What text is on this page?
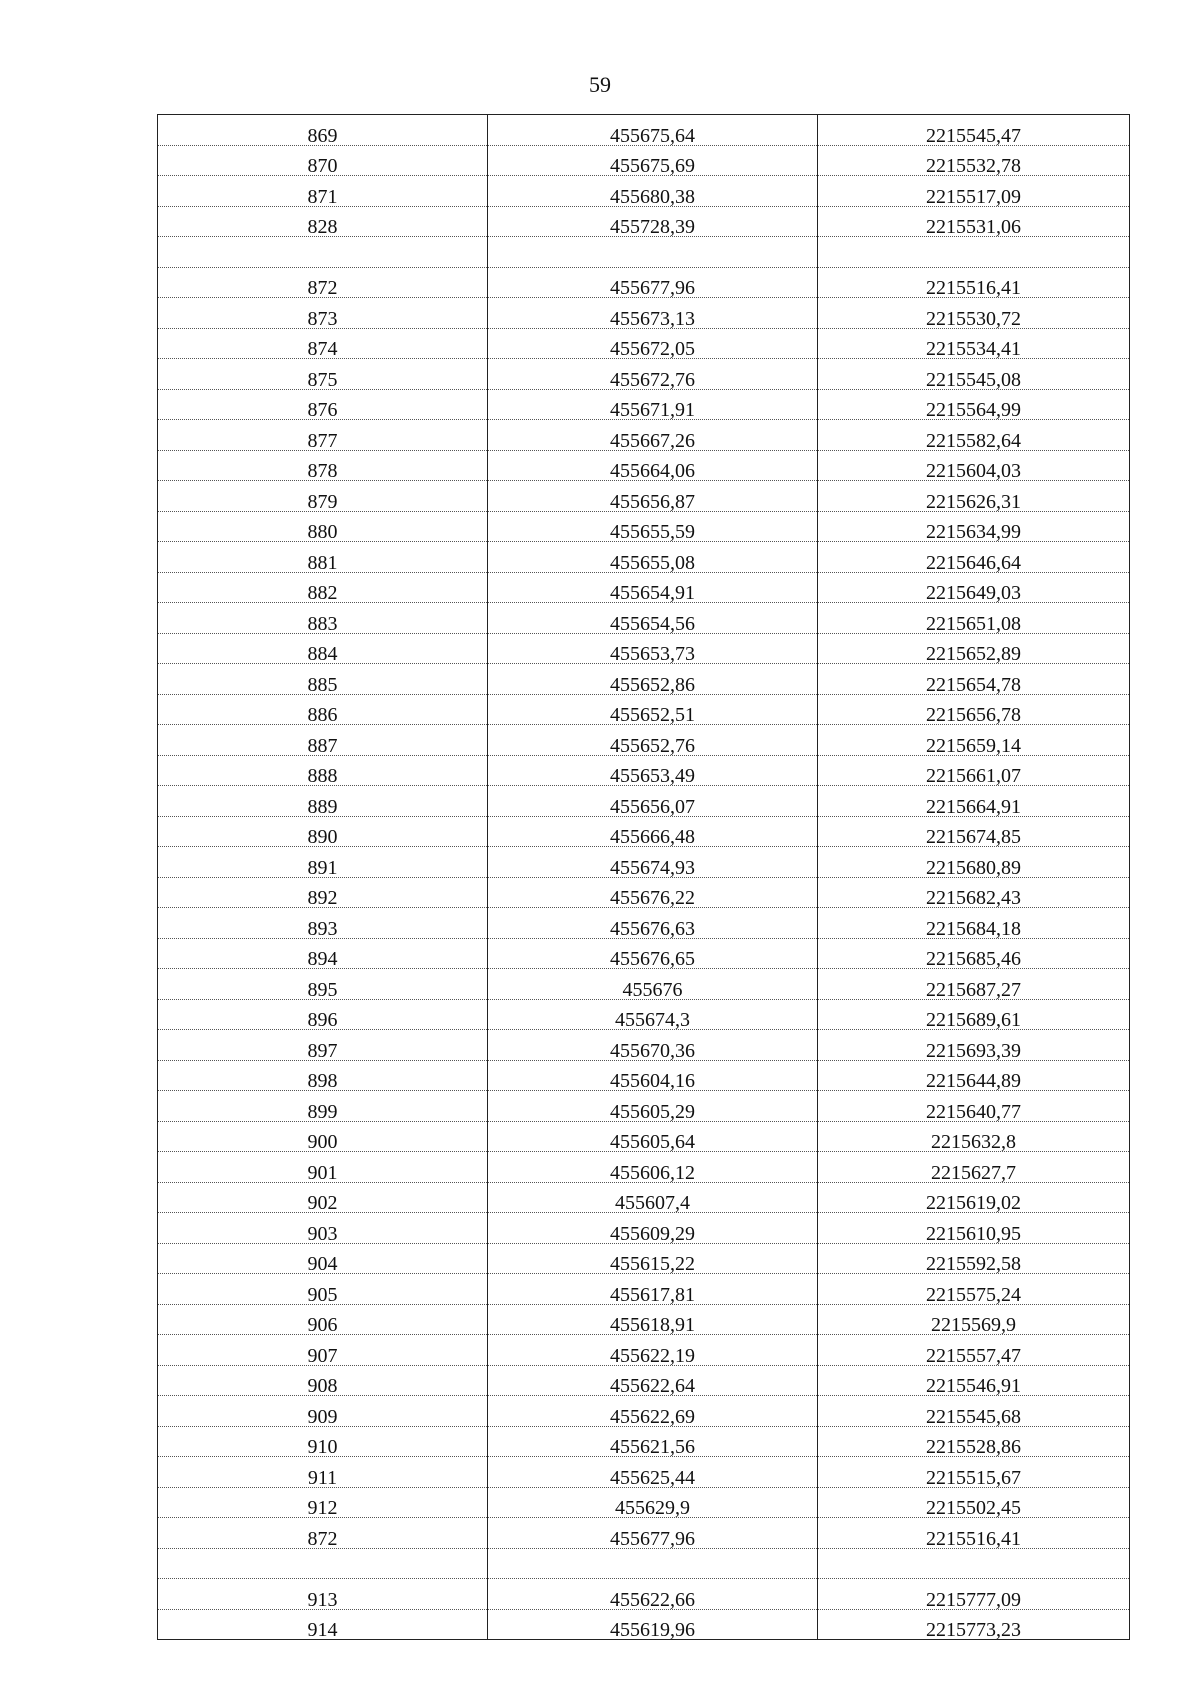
59
869	455675,64	2215545,47
870	455675,69	2215532,78
871	455680,38	2215517,09
828	455728,39	2215531,06

872	455677,96	2215516,41
873	455673,13	2215530,72
874	455672,05	2215534,41
875	455672,76	2215545,08
876	455671,91	2215564,99
877	455667,26	2215582,64
878	455664,06	2215604,03
879	455656,87	2215626,31
880	455655,59	2215634,99
881	455655,08	2215646,64
882	455654,91	2215649,03
883	455654,56	2215651,08
884	455653,73	2215652,89
885	455652,86	2215654,78
886	455652,51	2215656,78
887	455652,76	2215659,14
888	455653,49	2215661,07
889	455656,07	2215664,91
890	455666,48	2215674,85
891	455674,93	2215680,89
892	455676,22	2215682,43
893	455676,63	2215684,18
894	455676,65	2215685,46
895	455676	2215687,27
896	455674,3	2215689,61
897	455670,36	2215693,39
898	455604,16	2215644,89
899	455605,29	2215640,77
900	455605,64	2215632,8
901	455606,12	2215627,7
902	455607,4	2215619,02
903	455609,29	2215610,95
904	455615,22	2215592,58
905	455617,81	2215575,24
906	455618,91	2215569,9
907	455622,19	2215557,47
908	455622,64	2215546,91
909	455622,69	2215545,68
910	455621,56	2215528,86
911	455625,44	2215515,67
912	455629,9	2215502,45
872	455677,96	2215516,41

913	455622,66	2215777,09
914	455619,96	2215773,23
